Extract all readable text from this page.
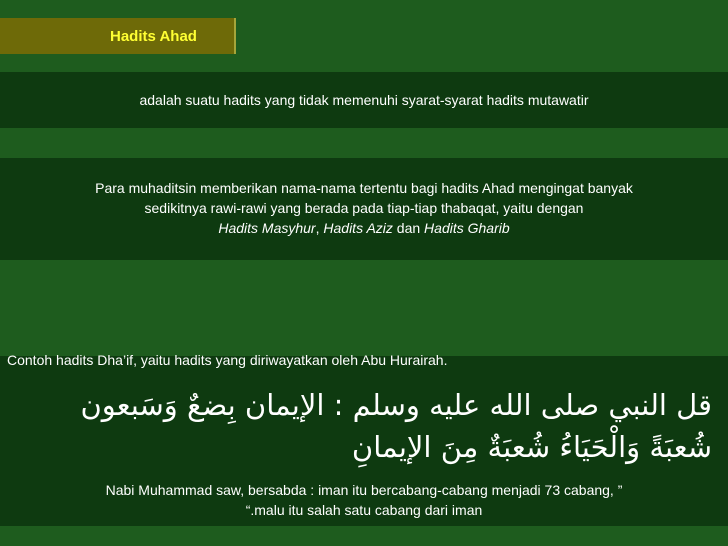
Hadits Ahad
adalah suatu hadits yang tidak memenuhi syarat-syarat hadits mutawatir
Para muhaditsin memberikan nama-nama tertentu bagi hadits Ahad mengingat banyak
sedikitnya rawi-rawi yang berada pada tiap-tiap thabaqat, yaitu dengan
Hadits Masyhur, Hadits Aziz dan Hadits Gharib
Contoh hadits Dha’if, yaitu hadits yang diriwayatkan oleh Abu Hurairah.
قل النبي صلى الله عليه وسلم : الإيمان بِضعٌ وَسَبعون
شُعبَةً وَالْحَيَاءُ شُعبَةٌ مِنَ الإيمانِ
Nabi Muhammad saw, bersabda : iman itu bercabang-cabang menjadi 73 cabang, ”
“.malu itu salah satu cabang dari iman
